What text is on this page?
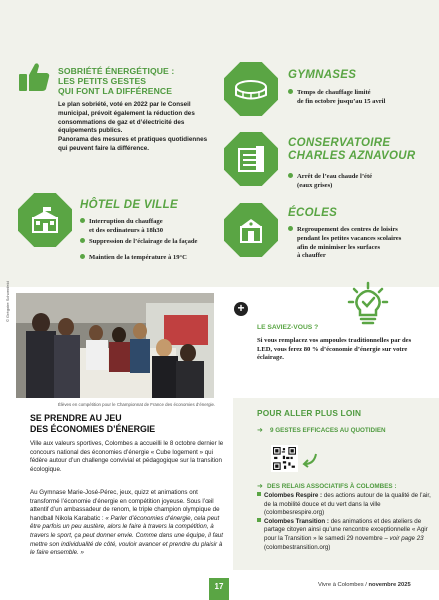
SOBRIÉTÉ ÉNERGÉTIQUE :
LES PETITS GESTES
QUI FONT LA DIFFÉRENCE
Le plan sobriété, voté en 2022 par le Conseil municipal, prévoit également la réduction des consommations de gaz et d’électricité des équipements publics.
Panorama des mesures et pratiques quotidiennes qui peuvent faire la différence.
GYMNASES
Temps de chauffage limité
de fin octobre jusqu’au 15 avril
CONSERVATOIRE
CHARLES AZNAVOUR
Arrêt de l’eau chaude l’été
(eaux grises)
HÔTEL DE VILLE
Interruption du chauffage
et des ordinateurs à 18h30
Suppression de l’éclairage de la façade
Maintien de la température à 19°C
ÉCOLES
Regroupement des centres de loisirs
pendant les petites vacances scolaires
afin de minimiser les surfaces
à chauffer
© Grégoire Schoenfeld
Élèves en compétition pour le Championnat de France des économies d’énergie.
SE PRENDRE AU JEU
DES ÉCONOMIES D’ÉNERGIE
Ville aux valeurs sportives, Colombes a accueilli le 8 octobre dernier le concours national des économies d’énergie « Cube logement » qui fédère autour d’un challenge convivial et pédagogique sur la transition écologique.
Au Gymnase Marie-José-Pérec, jeux, quizz et animations ont transformé l’économie d’énergie en compétition joyeuse. Sous l’œil attentif d’un ambassadeur de renom, le triple champion olympique de handball Nikola Karabatic : « Parler d’économies d’énergie, cela peut être parfois un peu austère, alors le faire à travers la compétition, à travers le sport, ça peut donner envie. Comme dans une équipe, il faut mettre son individualité de côté, vouloir avancer et prendre du plaisir à le faire ensemble. »
+
LE SAVIEZ-VOUS ?
Si vous remplacez vos ampoules traditionnelles par des LED, vous ferez 80 % d’économie d’énergie sur votre éclairage.
POUR ALLER PLUS LOIN
➜ 9 GESTES EFFICACES AU QUOTIDIEN
➜ DES RELAIS ASSOCIATIFS À COLOMBES :
Colombes Respire : des actions autour de la qualité de l’air, de la mobilité douce et du vert dans la ville (colombesrespire.org)
Colombes Transition : des animations et des ateliers de partage citoyen ainsi qu’une rencontre exceptionnelle « Agir pour la Transition » le samedi 29 novembre – voir page 23 (colombestransition.org)
17	Vivre à Colombes / novembre 2025
